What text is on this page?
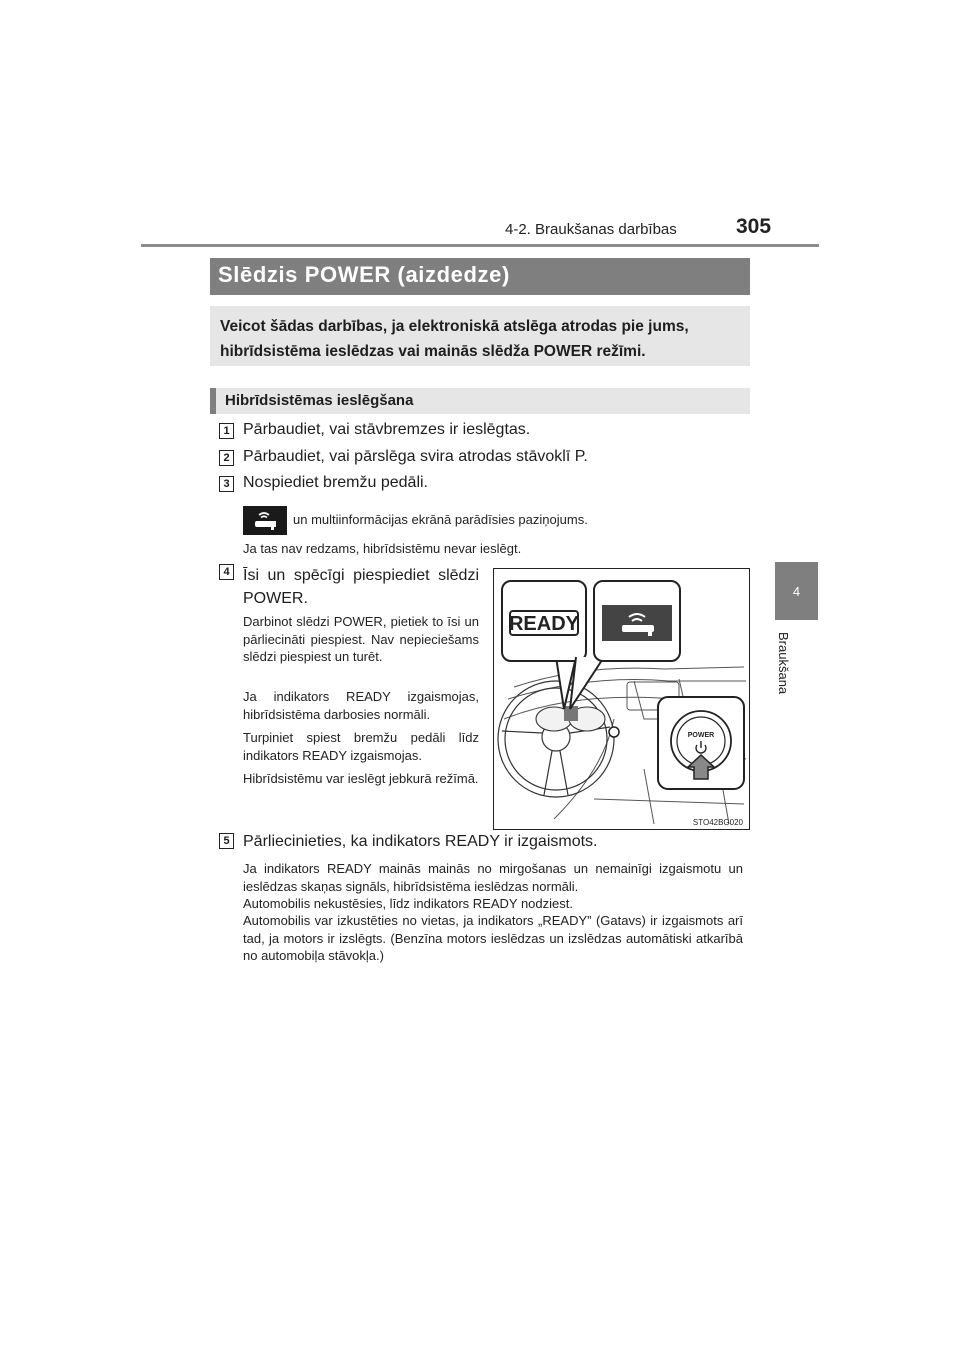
4-2. Braukšanas darbības	305
4
Braukšana
Slēdzis POWER (aizdedze)
Veicot šādas darbības, ja elektroniskā atslēga atrodas pie jums, hibrīdsistēma ieslēdzas vai mainās slēdža POWER režīmi.
Hibrīdsistēmas ieslēgšana
1 Pārbaudiet, vai stāvbremzes ir ieslēgtas.
2 Pārbaudiet, vai pārslēga svira atrodas stāvoklī P.
3 Nospiediet bremžu pedāli.
un multiinformācijas ekrānā parādīsies paziņojums.
Ja tas nav redzams, hibrīdsistēmu nevar ieslēgt.
4 Īsi un spēcīgi piespiediet slēdzi POWER.
Darbinot slēdzi POWER, pietiek to īsi un pārliecināti piespiest. Nav nepieciešams slēdzi piespiest un turēt.
Ja indikators READY izgaismojas, hibrīdsistēma darbosies normāli.
Turpiniet spiest bremžu pedāli līdz indikators READY izgaismojas.
Hibrīdsistēmu var ieslēgt jebkurā režīmā.
READY
POWER
STO42BG020
5 Pārliecinieties, ka indikators READY ir izgaismots.
Ja indikators READY mainās mainās no mirgošanas un nemainīgi izgaismotu un ieslēdzas skaņas signāls, hibrīdsistēma ieslēdzas normāli.
Automobilis nekustēsies, līdz indikators READY nodziest.
Automobilis var izkustēties no vietas, ja indikators „READY” (Gatavs) ir izgaismots arī tad, ja motors ir izslēgts. (Benzīna motors ieslēdzas un izslēdzas automātiski atkarībā no automobiļa stāvokļa.)
